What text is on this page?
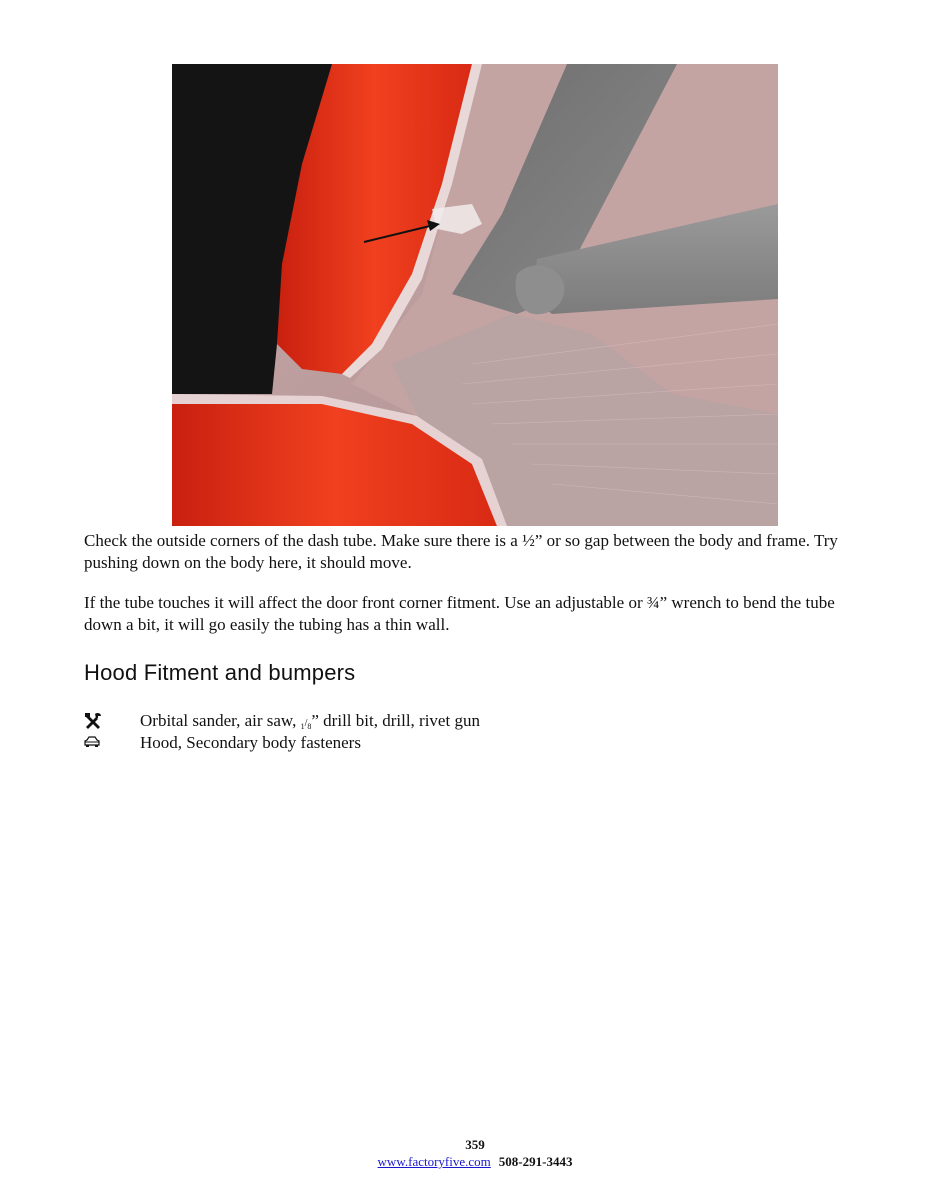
Check the outside corners of the dash tube. Make sure there is a ½” or so gap between the body and frame. Try pushing down on the body here, it should move.

If the tube touches it will affect the door front corner fitment. Use an adjustable or ¾” wrench to bend the tube down a bit, it will go easily the tubing has a thin wall.

Hood Fitment and bumpers
Orbital sander, air saw, $_1/_8$” drill bit, drill, rivet gun
Hood, Secondary body fasteners
359
www.factoryfive.com 508-291-3443
